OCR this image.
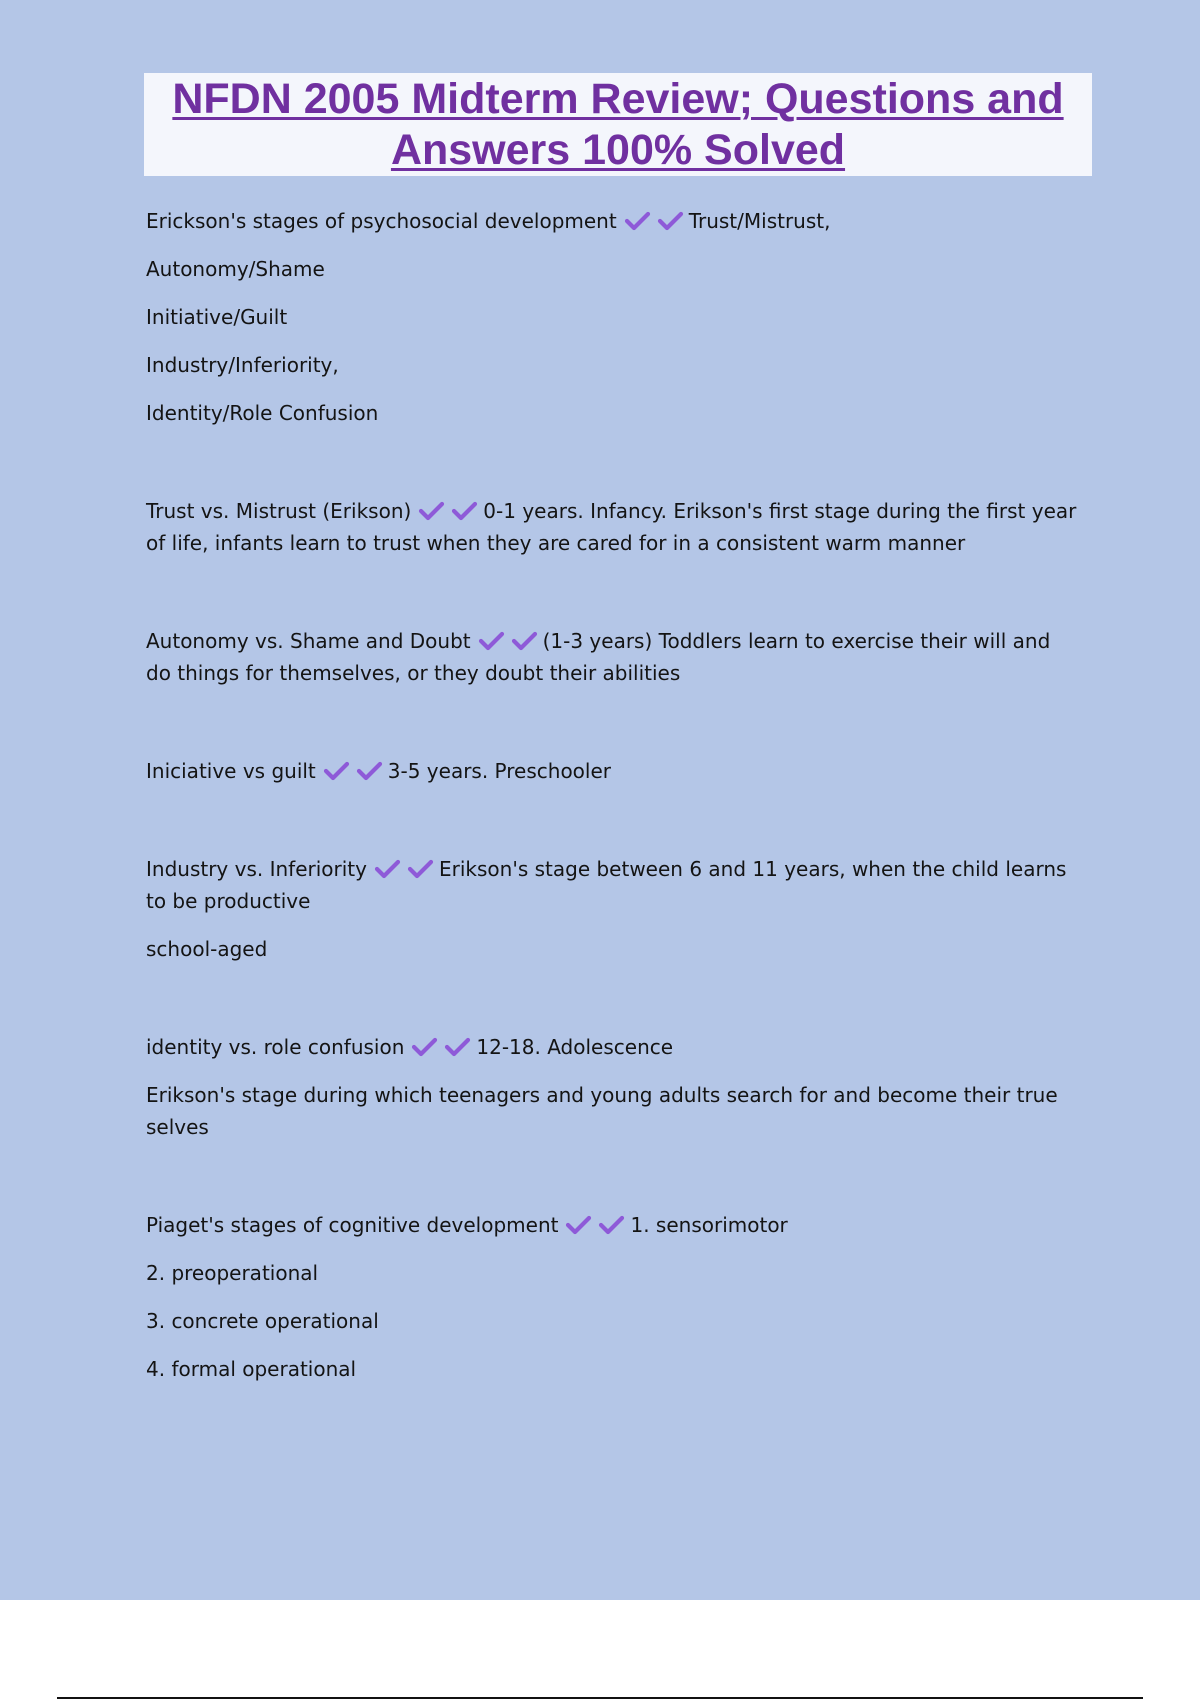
NFDN 2005 Midterm Review; Questions and Answers 100% Solved

Erickson's stages of psychosocial development	Trust/Mistrust,

Autonomy/Shame

Initiative/Guilt

Industry/Inferiority,

Identity/Role Confusion

Trust vs. Mistrust (Erikson)	0-1 years. Infancy. Erikson's first stage during the first year of life, infants learn to trust when they are cared for in a consistent warm manner

Autonomy vs. Shame and Doubt	(1-3 years) Toddlers learn to exercise their will and do things for themselves, or they doubt their abilities

Iniciative vs guilt	3-5 years. Preschooler

Industry vs. Inferiority	Erikson's stage between 6 and 11 years, when the child learns to be productive

school-aged

identity vs. role confusion	12-18. Adolescence

Erikson's stage during which teenagers and young adults search for and become their true selves

Piaget's stages of cognitive development	1. sensorimotor

2. preoperational

3. concrete operational

4. formal operational
